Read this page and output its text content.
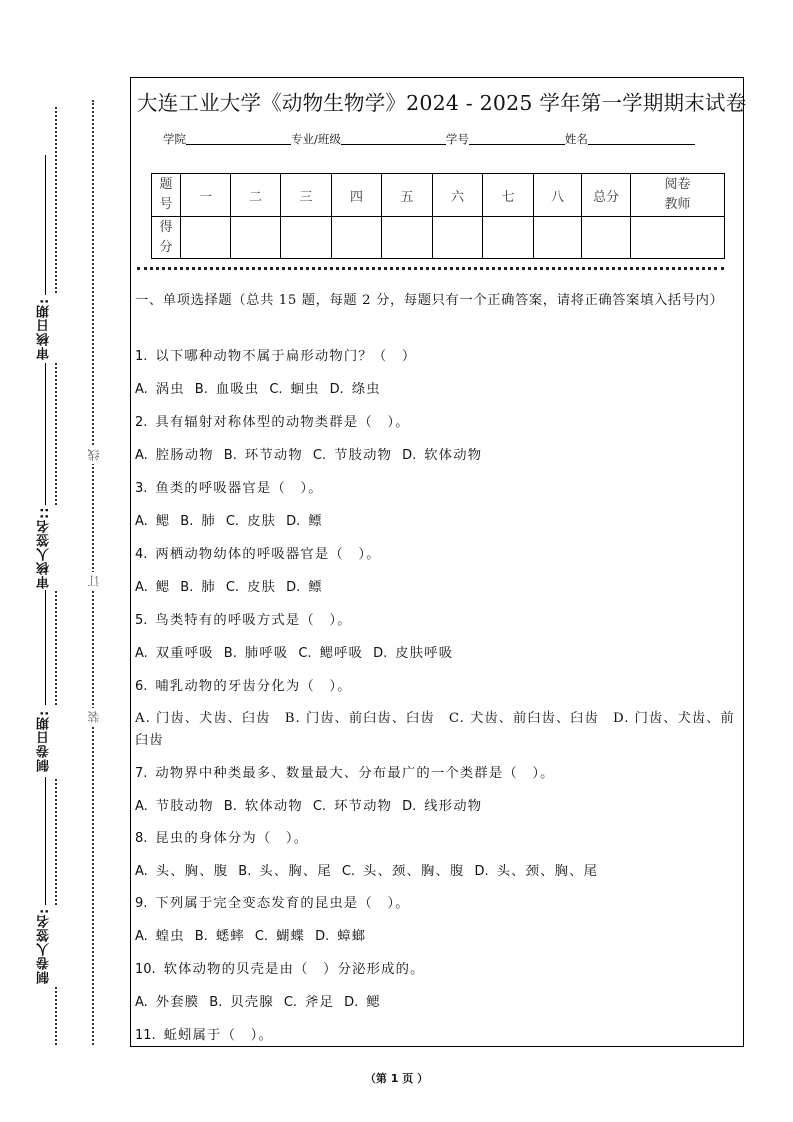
审核日期:
审核人签名::
制卷日期:
制卷人签名:
线
订
装
大连工业大学《动物生物学》2024 - 2025 学年第一学期期末试卷
学院	专业/班级	学号	姓名
题号	一	二	三	四	五	六	七	八	总分	阅卷教师
得分										
一、单项选择题（总共 15 题，每题 2 分，每题只有一个正确答案，请将正确答案填入括号内）
1. 以下哪种动物不属于扁形动物门？（　）
A. 涡虫 B. 血吸虫 C. 蛔虫 D. 绦虫
2. 具有辐射对称体型的动物类群是（　）。
A. 腔肠动物 B. 环节动物 C. 节肢动物 D. 软体动物
3. 鱼类的呼吸器官是（　）。
A. 鳃 B. 肺 C. 皮肤 D. 鳔
4. 两栖动物幼体的呼吸器官是（　）。
A. 鳃 B. 肺 C. 皮肤 D. 鳔
5. 鸟类特有的呼吸方式是（　）。
A. 双重呼吸 B. 肺呼吸 C. 鳃呼吸 D. 皮肤呼吸
6. 哺乳动物的牙齿分化为（　）。
A. 门齿、犬齿、臼齿　B. 门齿、前臼齿、臼齿　C. 犬齿、前臼齿、臼齿　D. 门齿、犬齿、前臼齿
7. 动物界中种类最多、数量最大、分布最广的一个类群是（　）。
A. 节肢动物 B. 软体动物 C. 环节动物 D. 线形动物
8. 昆虫的身体分为（　）。
A. 头、胸、腹 B. 头、胸、尾 C. 头、颈、胸、腹 D. 头、颈、胸、尾
9. 下列属于完全变态发育的昆虫是（　）。
A. 蝗虫 B. 蟋蟀 C. 蝴蝶 D. 蟑螂
10. 软体动物的贝壳是由（　）分泌形成的。
A. 外套膜 B. 贝壳腺 C. 斧足 D. 鳃
11. 蚯蚓属于（　）。
（第 1 页 ）
